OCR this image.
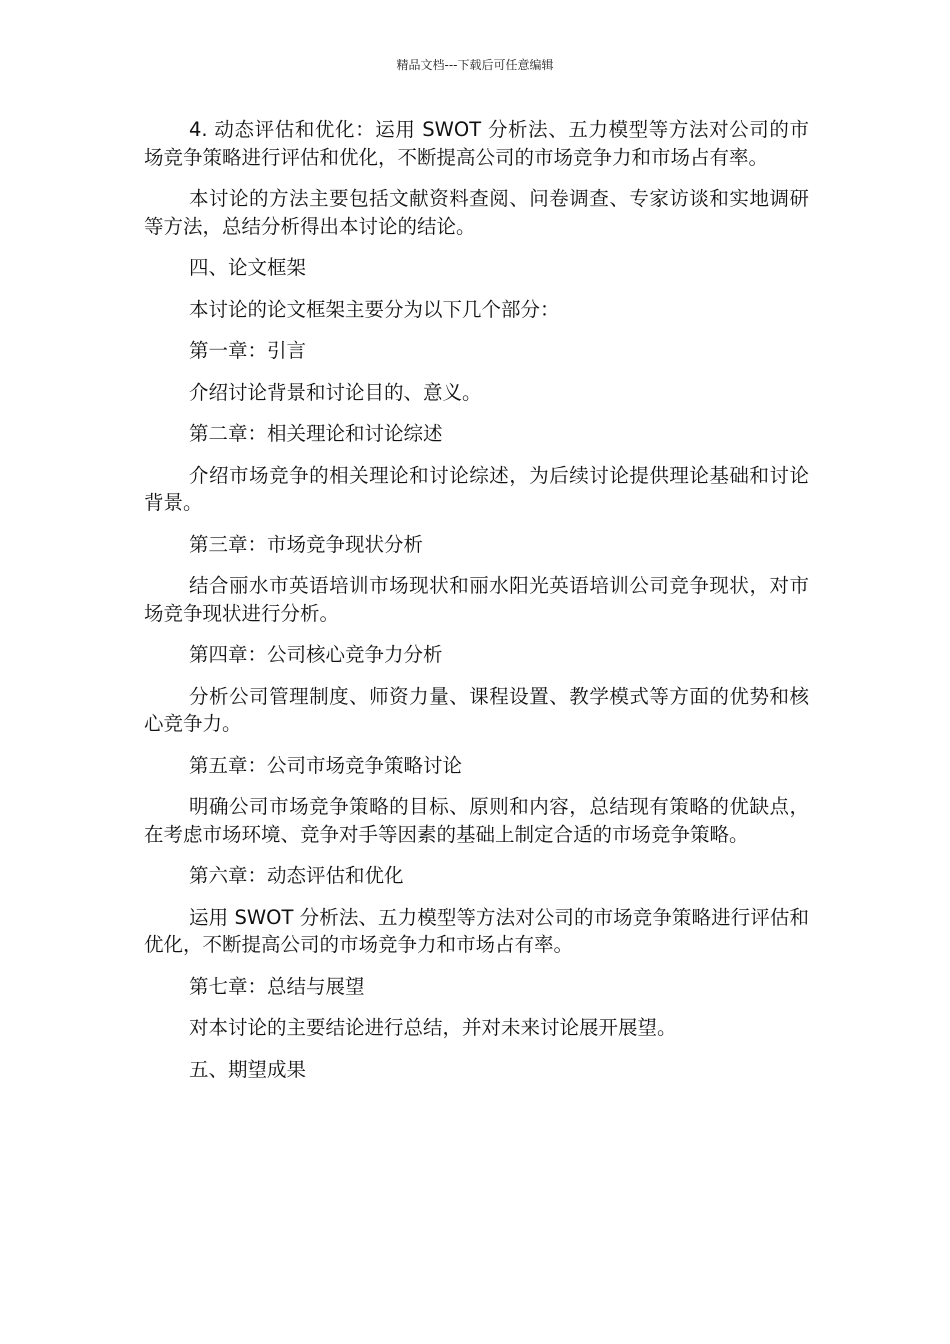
精品文档---下载后可任意编辑

4. 动态评估和优化：运用 SWOT 分析法、五力模型等方法对公司的市场竞争策略进行评估和优化，不断提高公司的市场竞争力和市场占有率。

本讨论的方法主要包括文献资料查阅、问卷调查、专家访谈和实地调研等方法，总结分析得出本讨论的结论。

四、论文框架

本讨论的论文框架主要分为以下几个部分：

第一章：引言

介绍讨论背景和讨论目的、意义。

第二章：相关理论和讨论综述

介绍市场竞争的相关理论和讨论综述，为后续讨论提供理论基础和讨论背景。

第三章：市场竞争现状分析

结合丽水市英语培训市场现状和丽水阳光英语培训公司竞争现状，对市场竞争现状进行分析。

第四章：公司核心竞争力分析

分析公司管理制度、师资力量、课程设置、教学模式等方面的优势和核心竞争力。

第五章：公司市场竞争策略讨论

明确公司市场竞争策略的目标、原则和内容，总结现有策略的优缺点，在考虑市场环境、竞争对手等因素的基础上制定合适的市场竞争策略。

第六章：动态评估和优化

运用 SWOT 分析法、五力模型等方法对公司的市场竞争策略进行评估和优化，不断提高公司的市场竞争力和市场占有率。

第七章：总结与展望

对本讨论的主要结论进行总结，并对未来讨论展开展望。

五、期望成果
